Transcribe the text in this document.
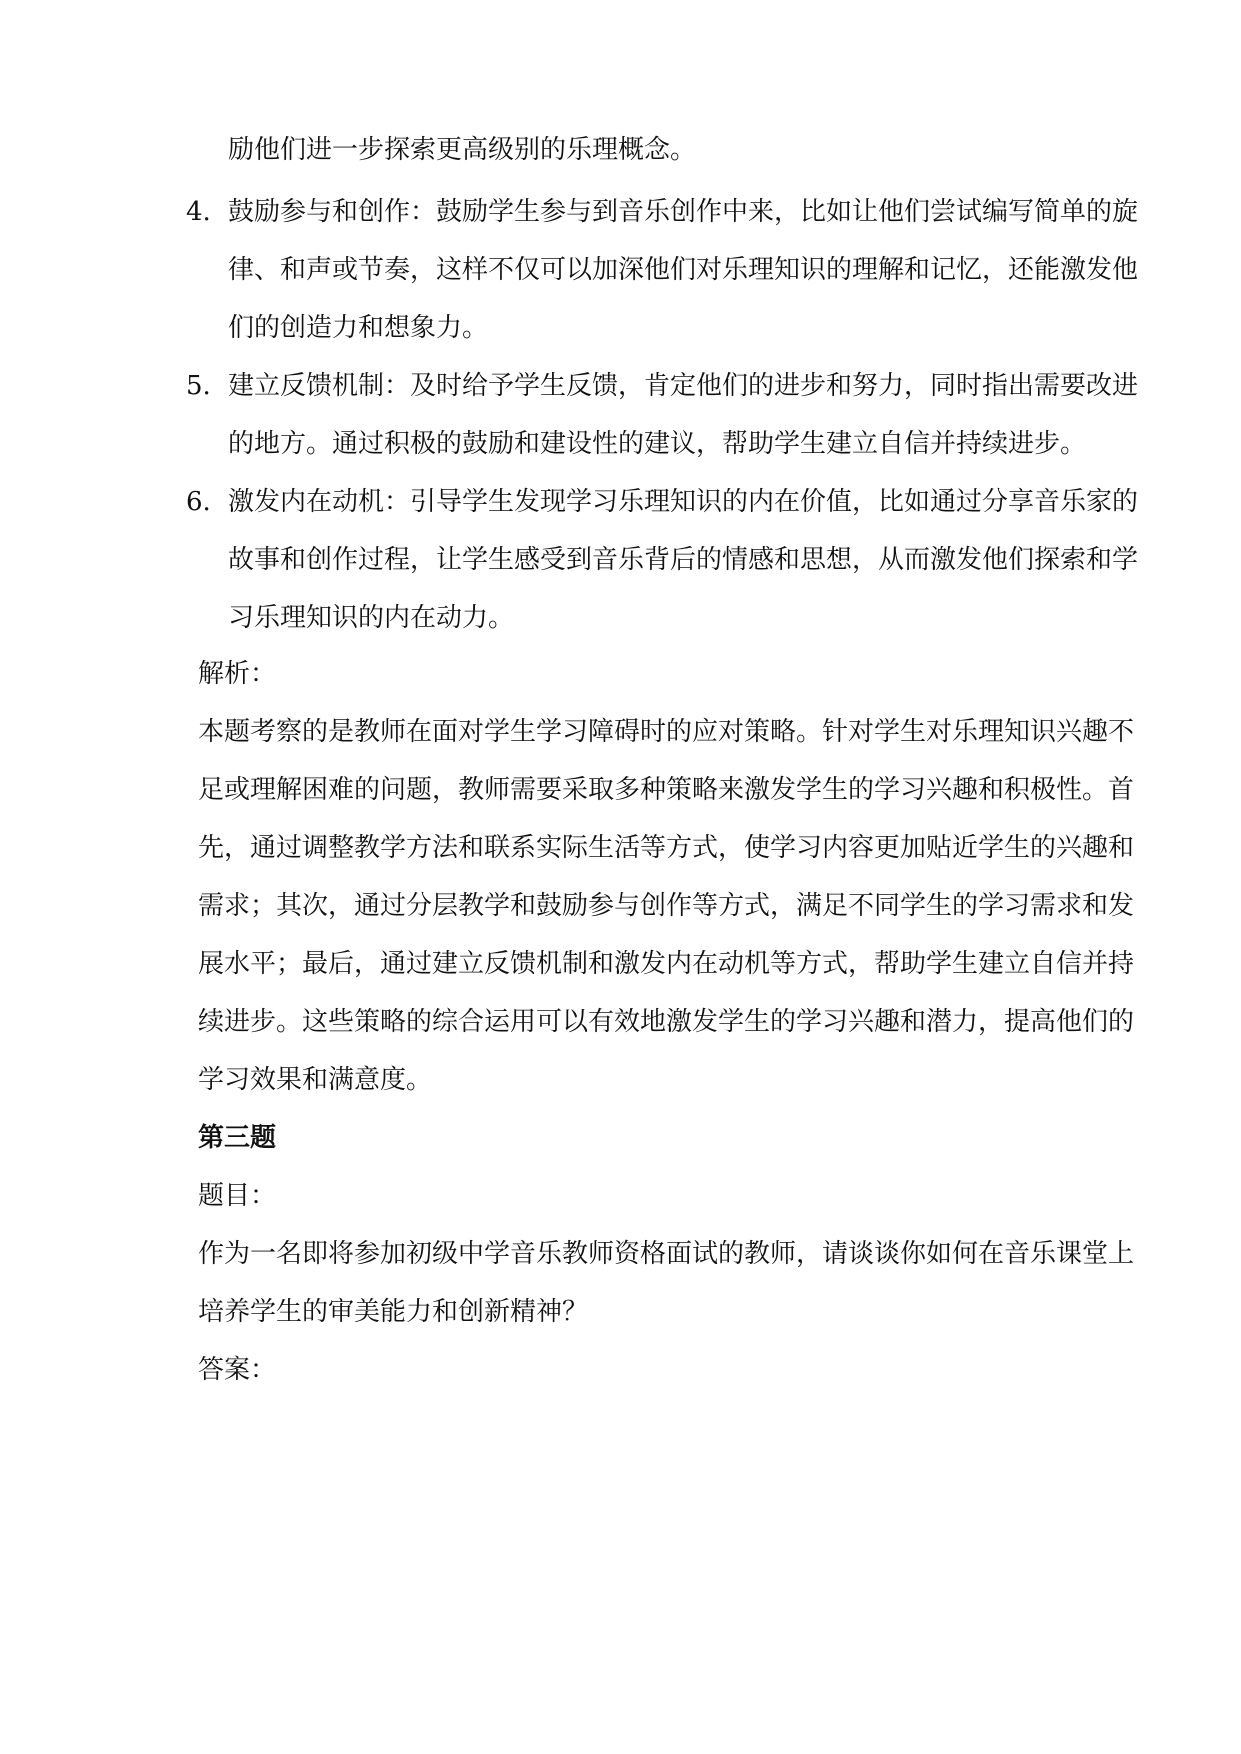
励他们进一步探索更高级别的乐理概念。
4. 鼓励参与和创作：鼓励学生参与到音乐创作中来，比如让他们尝试编写简单的旋
律、和声或节奏，这样不仅可以加深他们对乐理知识的理解和记忆，还能激发他
们的创造力和想象力。
5. 建立反馈机制：及时给予学生反馈，肯定他们的进步和努力，同时指出需要改进
的地方。通过积极的鼓励和建设性的建议，帮助学生建立自信并持续进步。
6. 激发内在动机：引导学生发现学习乐理知识的内在价值，比如通过分享音乐家的
故事和创作过程，让学生感受到音乐背后的情感和思想，从而激发他们探索和学
习乐理知识的内在动力。
解析：
本题考察的是教师在面对学生学习障碍时的应对策略。针对学生对乐理知识兴趣不
足或理解困难的问题，教师需要采取多种策略来激发学生的学习兴趣和积极性。首
先，通过调整教学方法和联系实际生活等方式，使学习内容更加贴近学生的兴趣和
需求；其次，通过分层教学和鼓励参与创作等方式，满足不同学生的学习需求和发
展水平；最后，通过建立反馈机制和激发内在动机等方式，帮助学生建立自信并持
续进步。这些策略的综合运用可以有效地激发学生的学习兴趣和潜力，提高他们的
学习效果和满意度。
第三题
题目：
作为一名即将参加初级中学音乐教师资格面试的教师，请谈谈你如何在音乐课堂上
培养学生的审美能力和创新精神？
答案：
